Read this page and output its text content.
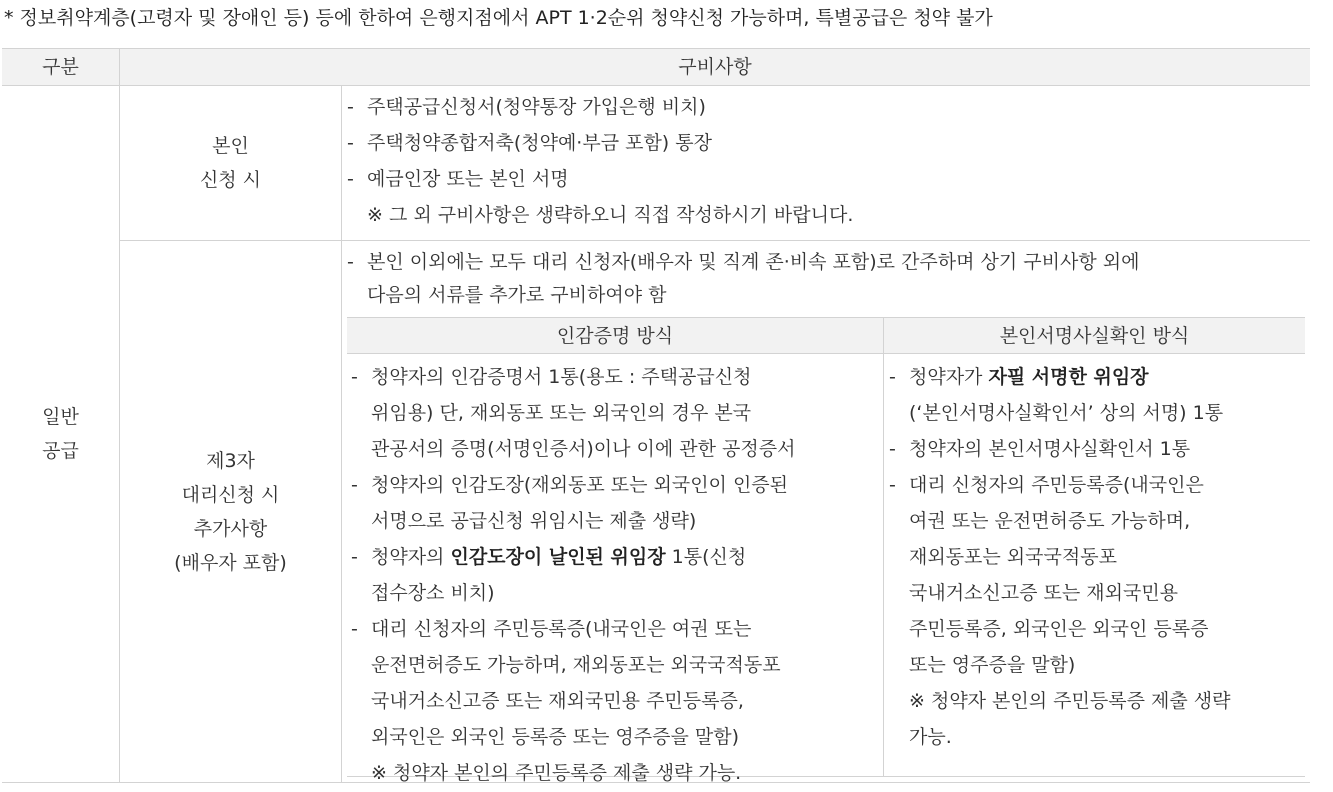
* 정보취약계층(고령자 및 장애인 등) 등에 한하여 은행지점에서 APT 1·2순위 청약신청 가능하며, 특별공급은 청약 불가
구분	구비사항
일반
공급
본인
신청 시
- 주택공급신청서(청약통장 가입은행 비치)
- 주택청약종합저축(청약예·부금 포함) 통장
- 예금인장 또는 본인 서명
※ 그 외 구비사항은 생략하오니 직접 작성하시기 바랍니다.
제3자
대리신청 시
추가사항
(배우자 포함)
- 본인 이외에는 모두 대리 신청자(배우자 및 직계 존·비속 포함)로 간주하며 상기 구비사항 외에
다음의 서류를 추가로 구비하여야 함
인감증명 방식	본인서명사실확인 방식
- 청약자의 인감증명서 1통(용도 : 주택공급신청
위임용) 단, 재외동포 또는 외국인의 경우 본국
관공서의 증명(서명인증서)이나 이에 관한 공정증서
- 청약자의 인감도장(재외동포 또는 외국인이 인증된
서명으로 공급신청 위임시는 제출 생략)
- 청약자의 인감도장이 날인된 위임장 1통(신청
접수장소 비치)
- 대리 신청자의 주민등록증(내국인은 여권 또는
운전면허증도 가능하며, 재외동포는 외국국적동포
국내거소신고증 또는 재외국민용 주민등록증,
외국인은 외국인 등록증 또는 영주증을 말함)
※ 청약자 본인의 주민등록증 제출 생략 가능.
- 청약자가 자필 서명한 위임장
(‘본인서명사실확인서’ 상의 서명) 1통
- 청약자의 본인서명사실확인서 1통
- 대리 신청자의 주민등록증(내국인은
여권 또는 운전면허증도 가능하며,
재외동포는 외국국적동포
국내거소신고증 또는 재외국민용
주민등록증, 외국인은 외국인 등록증
또는 영주증을 말함)
※ 청약자 본인의 주민등록증 제출 생략
가능.
